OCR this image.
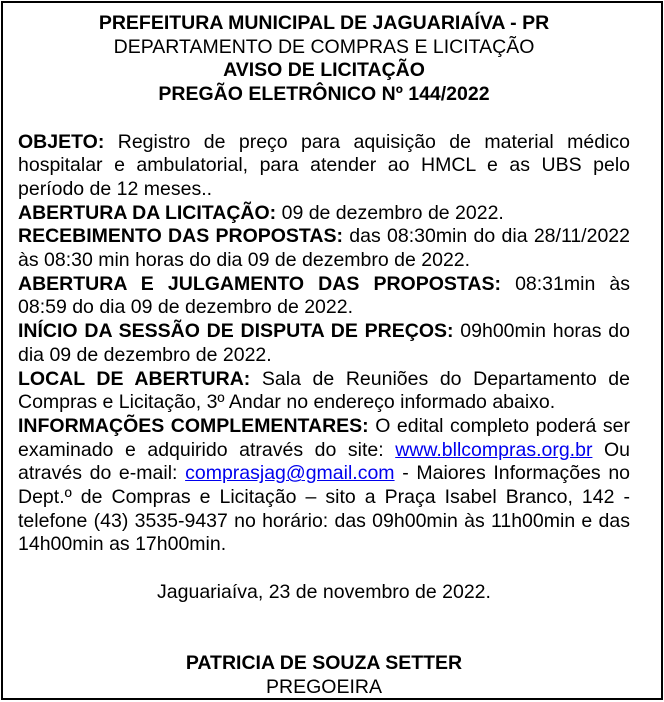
PREFEITURA MUNICIPAL DE JAGUARIAÍVA - PR
DEPARTAMENTO DE COMPRAS E LICITAÇÃO
AVISO DE LICITAÇÃO
PREGÃO ELETRÔNICO Nº 144/2022

OBJETO: Registro de preço para aquisição de material médico hospitalar e ambulatorial, para atender ao HMCL e as UBS pelo período de 12 meses..

ABERTURA DA LICITAÇÃO: 09 de dezembro de 2022.

RECEBIMENTO DAS PROPOSTAS: das 08:30min do dia 28/11/2022 às 08:30 min horas do dia 09 de dezembro de 2022.

ABERTURA E JULGAMENTO DAS PROPOSTAS: 08:31min às 08:59 do dia 09 de dezembro de 2022.

INÍCIO DA SESSÃO DE DISPUTA DE PREÇOS: 09h00min horas do dia 09 de dezembro de 2022.

LOCAL DE ABERTURA: Sala de Reuniões do Departamento de Compras e Licitação, 3º Andar no endereço informado abaixo.

INFORMAÇÕES COMPLEMENTARES: O edital completo poderá ser examinado e adquirido através do site: www.bllcompras.org.br Ou através do e-mail: comprasjag@gmail.com - Maiores Informações no Dept.º de Compras e Licitação – sito a Praça Isabel Branco, 142 - telefone (43) 3535-9437 no horário: das 09h00min às 11h00min e das 14h00min as 17h00min.

Jaguariaíva, 23 de novembro de 2022.
PATRICIA DE SOUZA SETTER
PREGOEIRA
